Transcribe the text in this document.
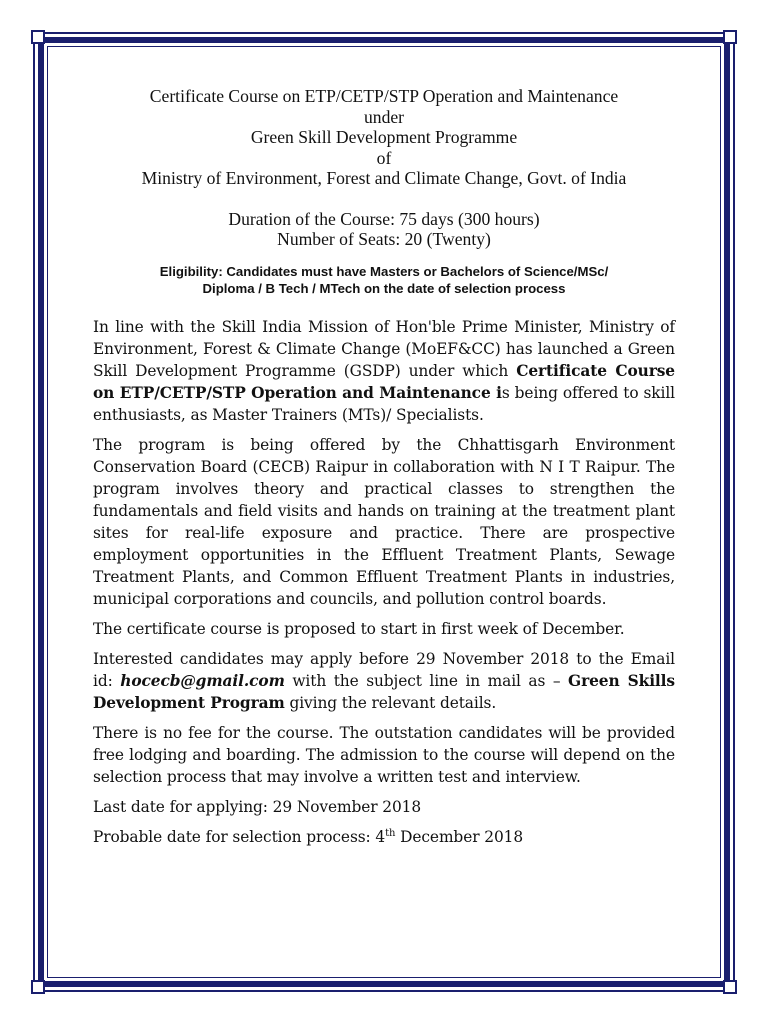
Certificate Course on ETP/CETP/STP Operation and Maintenance
under
Green Skill Development Programme
of
Ministry of Environment, Forest and Climate Change, Govt. of India
Duration of the Course: 75 days (300 hours)
Number of Seats: 20 (Twenty)
Eligibility: Candidates must have Masters or Bachelors of Science/MSc/
Diploma / B Tech / MTech on the date of selection process

In line with the Skill India Mission of Hon'ble Prime Minister, Ministry of Environment, Forest & Climate Change (MoEF&CC) has launched a Green Skill Development Programme (GSDP) under which Certificate Course on ETP/CETP/STP Operation and Maintenance is being offered to skill enthusiasts, as Master Trainers (MTs)/ Specialists.

The program is being offered by the Chhattisgarh Environment Conservation Board (CECB) Raipur in collaboration with N I T Raipur. The program involves theory and practical classes to strengthen the fundamentals and field visits and hands on training at the treatment plant sites for real-life exposure and practice. There are prospective employment opportunities in the Effluent Treatment Plants, Sewage Treatment Plants, and Common Effluent Treatment Plants in industries, municipal corporations and councils, and pollution control boards.

The certificate course is proposed to start in first week of December.

Interested candidates may apply before 29 November 2018 to the Email id: hocecb@gmail.com with the subject line in mail as – Green Skills Development Program giving the relevant details.

There is no fee for the course. The outstation candidates will be provided free lodging and boarding. The admission to the course will depend on the selection process that may involve a written test and interview.

Last date for applying: 29 November 2018

Probable date for selection process: 4th December 2018
